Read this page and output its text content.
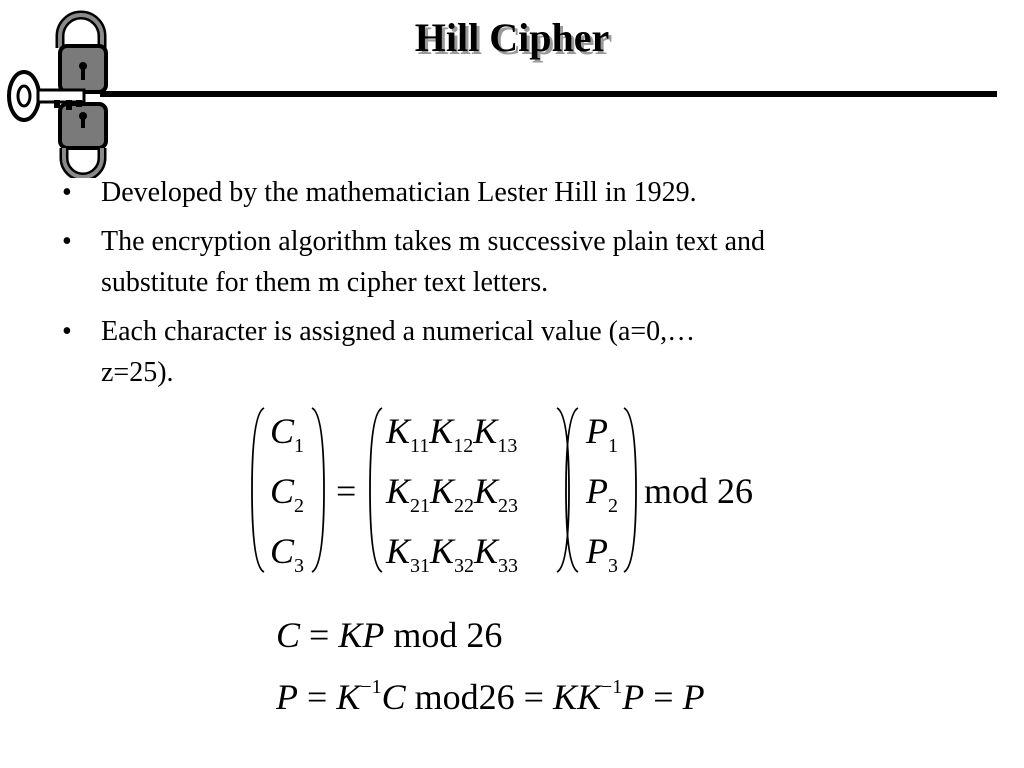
Hill Cipher
• Developed by the mathematician Lester Hill in 1929.
• The encryption algorithm takes m successive plain text and substitute for them m cipher text letters.
• Each character is assigned a numerical value (a=0,…z=25).
$C_1$
$C_2$
$C_3$
=
$K_{11}K_{12}K_{13}$
$K_{21}K_{22}K_{23}$
$K_{31}K_{32}K_{33}$
$P_1$
$P_2$
$P_3$
mod 26
C = KP mod 26
$P = K^{-1}C$ $mod26 = KK^{-1}P = P$
